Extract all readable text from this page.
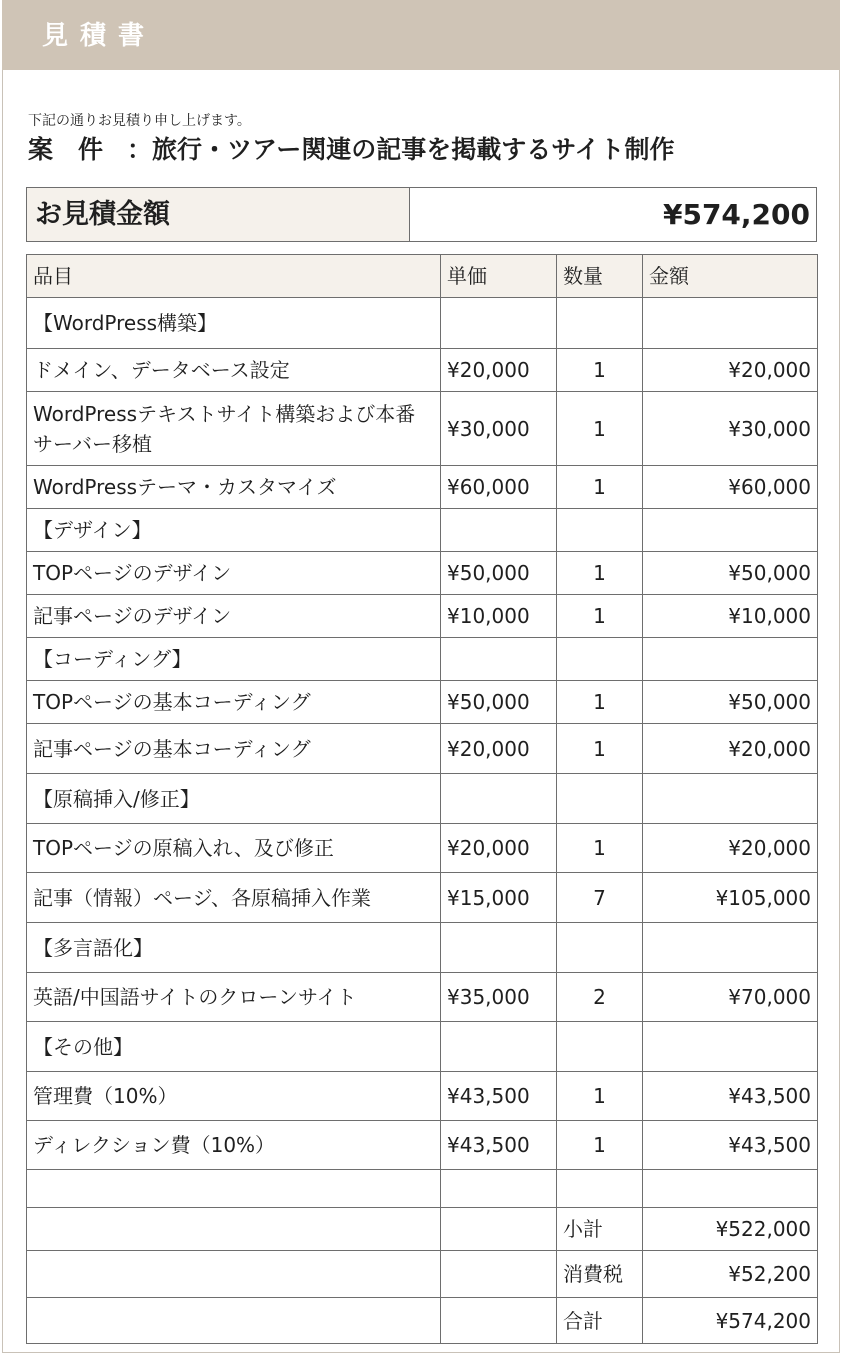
見積書
下記の通りお見積り申し上げます。
案　件 ：旅行・ツアー関連の記事を掲載するサイト制作
お見積金額	¥574,200
品目	単価	数量	金額
【WordPress構築】			
ドメイン、データベース設定	¥20,000	1	¥20,000
WordPressテキストサイト構築および本番サーバー移植	¥30,000	1	¥30,000
WordPressテーマ・カスタマイズ	¥60,000	1	¥60,000
【デザイン】			
TOPページのデザイン	¥50,000	1	¥50,000
記事ページのデザイン	¥10,000	1	¥10,000
【コーディング】			
TOPページの基本コーディング	¥50,000	1	¥50,000
記事ページの基本コーディング	¥20,000	1	¥20,000
【原稿挿入/修正】			
TOPページの原稿入れ、及び修正	¥20,000	1	¥20,000
記事（情報）ページ、各原稿挿入作業	¥15,000	7	¥105,000
【多言語化】			
英語/中国語サイトのクローンサイト	¥35,000	2	¥70,000
【その他】			
管理費（10%）	¥43,500	1	¥43,500
ディレクション費（10%）	¥43,500	1	¥43,500

		小計	¥522,000
		消費税	¥52,200
		合計	¥574,200
